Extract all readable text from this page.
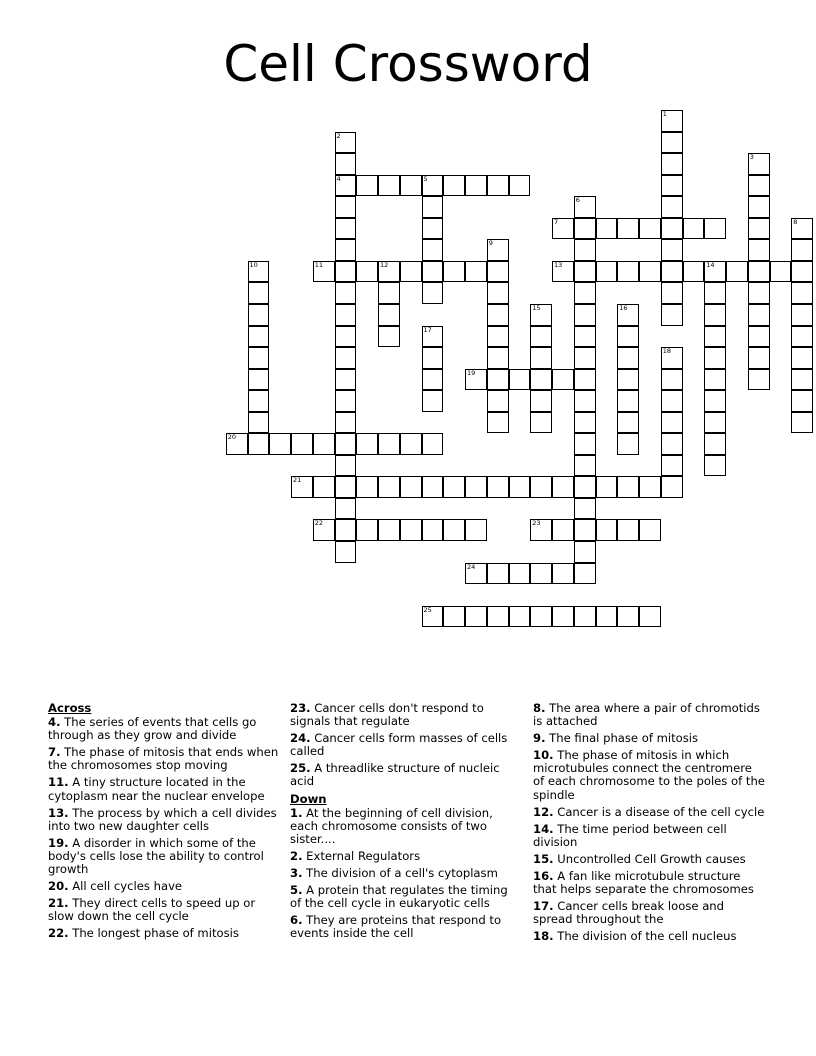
Cell Crossword
1
2
4
3
5
6
7	8
9
10	11	12	13	14
15	16
17
18
19
20
21
22	23
24
25
Across
4. The series of events that cells go through as they grow and divide
7. The phase of mitosis that ends when the chromosomes stop moving
11. A tiny structure located in the cytoplasm near the nuclear envelope
13. The process by which a cell divides into two new daughter cells
19. A disorder in which some of the body's cells lose the ability to control growth
20. All cell cycles have
21. They direct cells to speed up or slow down the cell cycle
22. The longest phase of mitosis
23. Cancer cells don't respond to signals that regulate
24. Cancer cells form masses of cells called
25. A threadlike structure of nucleic acid
Down
1. At the beginning of cell division, each chromosome consists of two sister....
2. External Regulators
3. The division of a cell's cytoplasm
5. A protein that regulates the timing of the cell cycle in eukaryotic cells
6. They are proteins that respond to events inside the cell
8. The area where a pair of chromotids is attached
9. The final phase of mitosis
10. The phase of mitosis in which microtubules connect the centromere of each chromosome to the poles of the spindle
12. Cancer is a disease of the cell cycle
14. The time period between cell division
15. Uncontrolled Cell Growth causes
16. A fan like microtubule structure that helps separate the chromosomes
17. Cancer cells break loose and spread throughout the
18. The division of the cell nucleus
